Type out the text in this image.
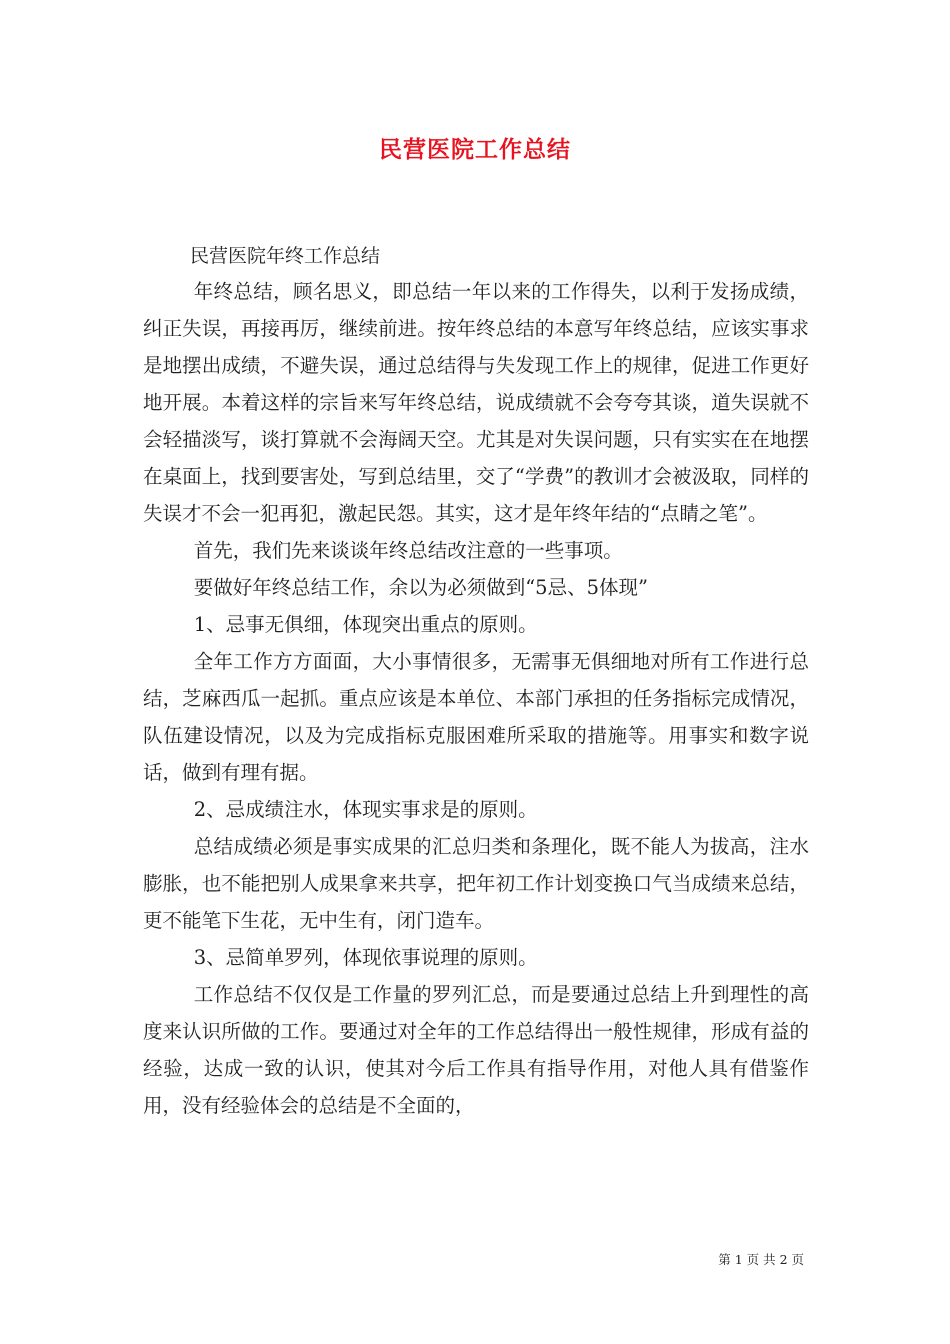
民营医院工作总结
民营医院年终工作总结

年终总结，顾名思义，即总结一年以来的工作得失，以利于发扬成绩，纠正失误，再接再厉，继续前进。按年终总结的本意写年终总结，应该实事求是地摆出成绩，不避失误，通过总结得与失发现工作上的规律，促进工作更好地开展。本着这样的宗旨来写年终总结，说成绩就不会夸夸其谈，道失误就不会轻描淡写，谈打算就不会海阔天空。尤其是对失误问题，只有实实在在地摆在桌面上，找到要害处，写到总结里，交了“学费”的教训才会被汲取，同样的失误才不会一犯再犯，激起民怨。其实，这才是年终年结的“点睛之笔”。

首先，我们先来谈谈年终总结改注意的一些事项。

要做好年终总结工作，余以为必须做到“5忌、5体现”

1、忌事无俱细，体现突出重点的原则。

全年工作方方面面，大小事情很多，无需事无俱细地对所有工作进行总结，芝麻西瓜一起抓。重点应该是本单位、本部门承担的任务指标完成情况，队伍建设情况，以及为完成指标克服困难所采取的措施等。用事实和数字说话，做到有理有据。

2、忌成绩注水，体现实事求是的原则。

总结成绩必须是事实成果的汇总归类和条理化，既不能人为拔高，注水膨胀，也不能把别人成果拿来共享，把年初工作计划变换口气当成绩来总结，更不能笔下生花，无中生有，闭门造车。

3、忌简单罗列，体现依事说理的原则。

工作总结不仅仅是工作量的罗列汇总，而是要通过总结上升到理性的高度来认识所做的工作。要通过对全年的工作总结得出一般性规律，形成有益的经验，达成一致的认识，使其对今后工作具有指导作用，对他人具有借鉴作用，没有经验体会的总结是不全面的，

第 1 页 共 2 页
